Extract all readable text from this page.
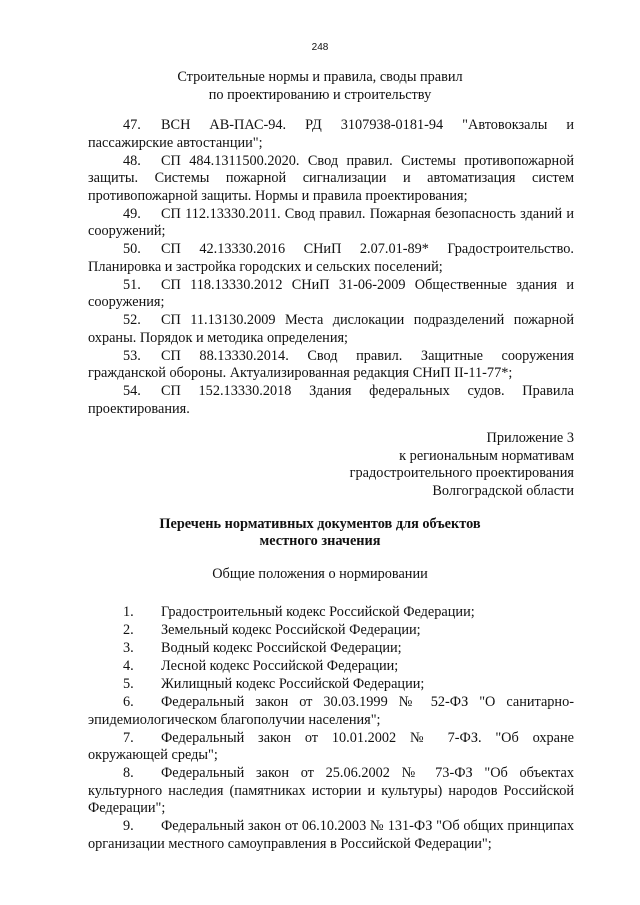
248
Строительные нормы и правила, своды правил
по проектированию и строительству

47. ВСН АВ-ПАС-94. РД 3107938-0181-94 "Автовокзалы и пассажирские автостанции";

48. СП 484.1311500.2020. Свод правил. Системы противопожарной защиты. Системы пожарной сигнализации и автоматизация систем противопожарной защиты. Нормы и правила проектирования;

49. СП 112.13330.2011. Свод правил. Пожарная безопасность зданий и сооружений;

50. СП 42.13330.2016 СНиП 2.07.01-89* Градостроительство. Планировка и застройка городских и сельских поселений;

51. СП 118.13330.2012 СНиП 31-06-2009 Общественные здания и сооружения;

52. СП 11.13130.2009 Места дислокации подразделений пожарной охраны. Порядок и методика определения;

53. СП 88.13330.2014. Свод правил. Защитные сооружения гражданской обороны. Актуализированная редакция СНиП II-11-77*;

54. СП 152.13330.2018 Здания федеральных судов. Правила проектирования.

Приложение 3
к региональным нормативам
градостроительного проектирования
Волгоградской области
Перечень нормативных документов для объектов
местного значения
Общие положения о нормировании

1. Градостроительный кодекс Российской Федерации;

2. Земельный кодекс Российской Федерации;

3. Водный кодекс Российской Федерации;

4. Лесной кодекс Российской Федерации;

5. Жилищный кодекс Российской Федерации;

6. Федеральный закон от 30.03.1999 № 52-ФЗ "О санитарно-эпидемиологическом благополучии населения";

7. Федеральный закон от 10.01.2002 № 7-ФЗ. "Об охране окружающей среды";

8. Федеральный закон от 25.06.2002 № 73-ФЗ "Об объектах культурного наследия (памятниках истории и культуры) народов Российской Федерации";

9. Федеральный закон от 06.10.2003 № 131-ФЗ "Об общих принципах организации местного самоуправления в Российской Федерации";
